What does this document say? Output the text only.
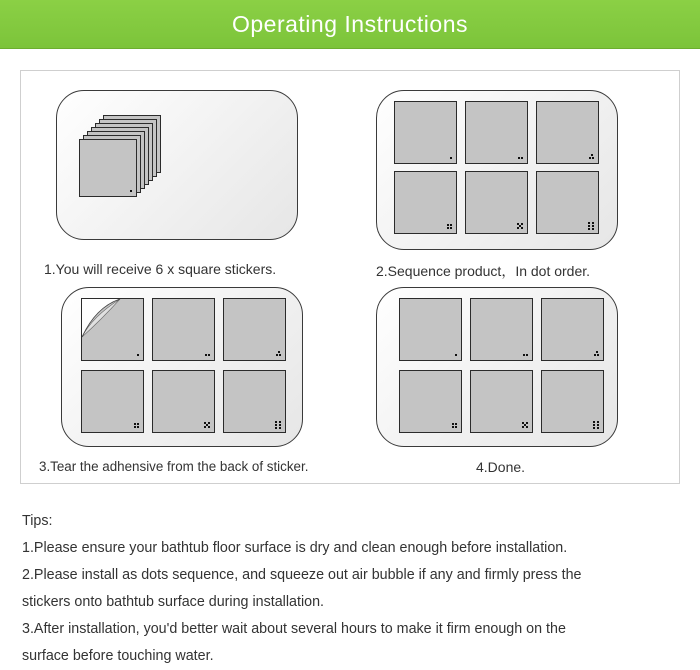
Operating Instructions
1.You will receive 6 x square stickers.	2.Sequence product，In dot order.
3.Tear the adhensive from the back of sticker.	4.Done.

Tips:

1.Please ensure your bathtub floor surface is dry and clean enough before installation.

2.Please install as dots sequence, and squeeze out air bubble if any and firmly press the

stickers onto bathtub surface during installation.

3.After installation, you'd better wait about several hours to make it firm enough on the

surface before touching water.
